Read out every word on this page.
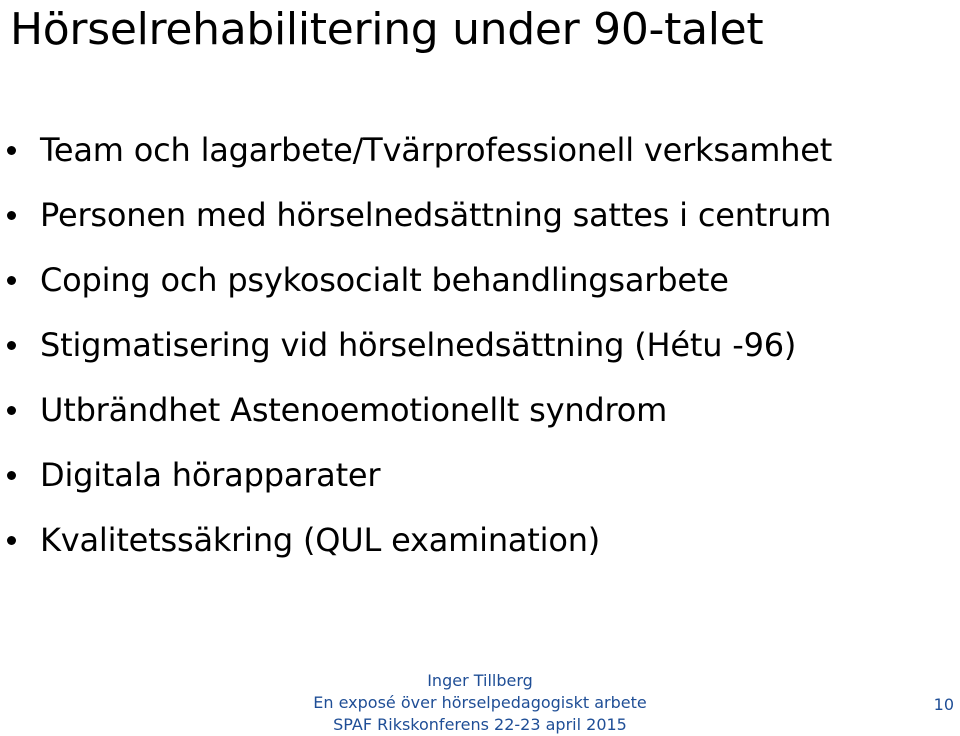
Hörselrehabilitering under 90-talet
Team och lagarbete/Tvärprofessionell verksamhet
Personen med hörselnedsättning sattes i centrum
Coping och psykosocialt behandlingsarbete
Stigmatisering vid hörselnedsättning (Hétu -96)
Utbrändhet Astenoemotionellt syndrom
Digitala hörapparater
Kvalitetssäkring (QUL examination)
Inger Tillberg
En exposé över hörselpedagogiskt arbete
SPAF Rikskonferens 22-23 april 2015
10
